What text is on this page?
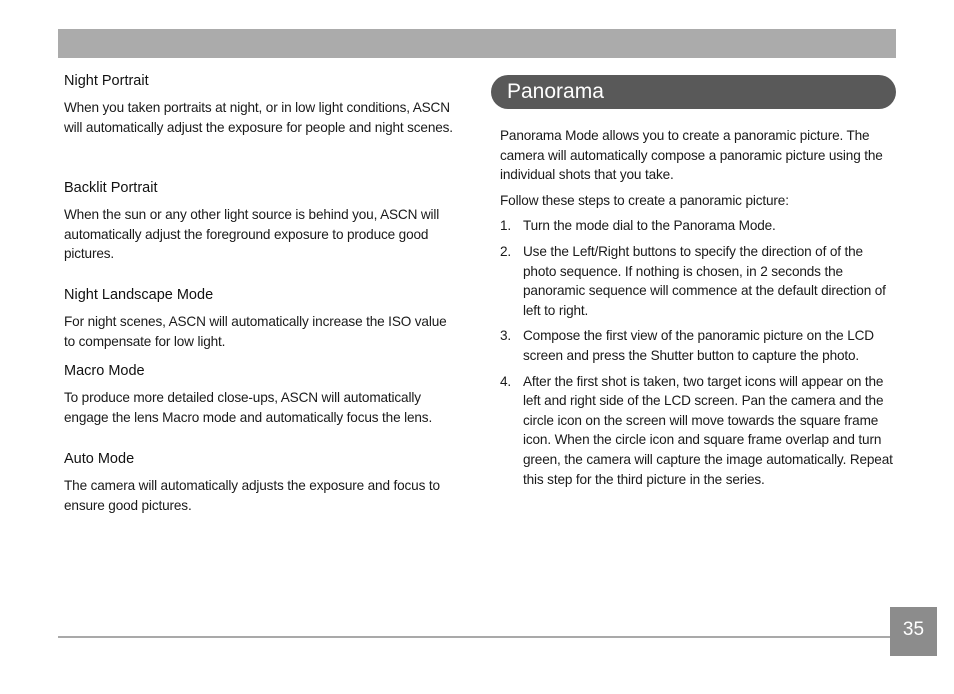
Night Portrait

When you taken portraits at night, or in low light conditions, ASCN will automatically adjust the exposure for people and night scenes.

Backlit Portrait

When the sun or any other light source is behind you, ASCN will automatically adjust the foreground exposure to produce good pictures.

Night Landscape Mode

For night scenes, ASCN will automatically increase the ISO value to compensate for low light.

Macro Mode

To produce more detailed close-ups, ASCN will automatically engage the lens Macro mode and automatically focus the lens.

Auto Mode

The camera will automatically adjusts the exposure and focus to ensure good pictures.

Panorama

Panorama Mode allows you to create a panoramic picture. The camera will automatically compose a panoramic picture using the individual shots that you take.

Follow these steps to create a panoramic picture:

1. Turn the mode dial to the Panorama Mode.
2. Use the Left/Right buttons to specify the direction of of the photo sequence. If nothing is chosen, in 2 seconds the panoramic sequence will commence at the default direction of left to right.
3. Compose the first view of the panoramic picture on the LCD screen and press the Shutter button to capture the photo.
4. After the first shot is taken, two target icons will appear on the left and right side of the LCD screen. Pan the camera and the circle icon on the screen will move towards the square frame icon. When the circle icon and square frame overlap and turn green, the camera will capture the image automatically. Repeat this step for the third picture in the series.
35
